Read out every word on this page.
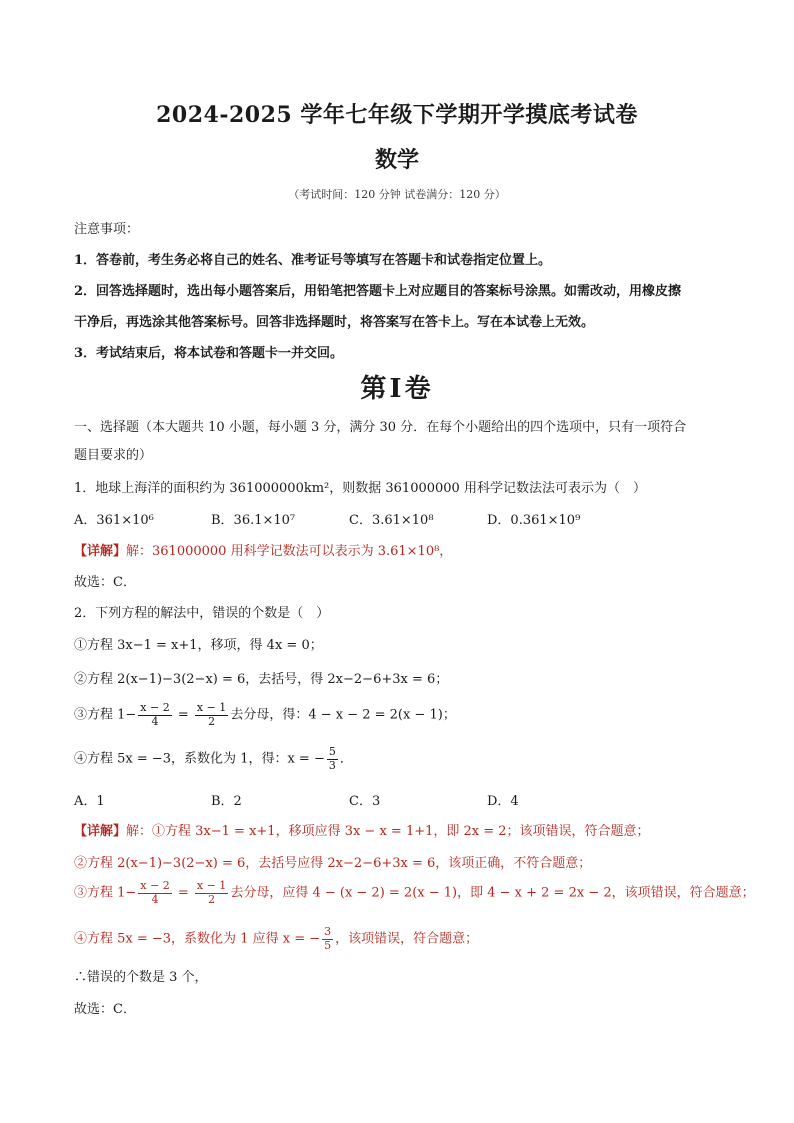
2024-2025 学年七年级下学期开学摸底考试卷
数学
（考试时间：120 分钟 试卷满分：120 分）
注意事项：
1．答卷前，考生务必将自己的姓名、准考证号等填写在答题卡和试卷指定位置上。
2．回答选择题时，选出每小题答案后，用铅笔把答题卡上对应题目的答案标号涂黑。如需改动，用橡皮擦
干净后，再选涂其他答案标号。回答非选择题时，将答案写在答卡上。写在本试卷上无效。
3．考试结束后，将本试卷和答题卡一并交回。
第Ⅰ卷
一、选择题（本大题共 10 小题，每小题 3 分，满分 30 分．在每个小题给出的四个选项中，只有一项符合
题目要求的）
1．地球上海洋的面积约为 361000000km²，则数据 361000000 用科学记数法法可表示为（　）
A．361×10⁶	B．36.1×10⁷	C．3.61×10⁸	D．0.361×10⁹
【详解】解：361000000 用科学记数法可以表示为 3.61×10⁸，
故选：C．
2．下列方程的解法中，错误的个数是（　）
①方程 3x−1 = x+1，移项，得 4x = 0；
②方程 2(x−1)−3(2−x) = 6，去括号，得 2x−2−6+3x = 6；
③方程 $1- \frac{x - 2}{4} = \frac{x - 1}{2}$ 去分母，得：4 − x − 2 = 2(x − 1)；
④方程 5x = −3，系数化为 1，得：x = − $\frac{5}{3}$ ．
A．1	B．2	C．3	D．4
【详解】解：①方程 3x−1 = x+1，移项应得 3x − x = 1+1，即 2x = 2；该项错误，符合题意；
②方程 2(x−1)−3(2−x) = 6，去括号应得 2x−2−6+3x = 6，该项正确，不符合题意；
③方程 $1- \frac{x - 2}{4} = \frac{x - 1}{2}$ 去分母，应得 4 − (x − 2) = 2(x − 1)，即 4 − x + 2 = 2x − 2，该项错误，符合题意；
④方程 5x = −3，系数化为 1 应得 x = − $\frac{3}{5}$ ，该项错误，符合题意；
∴错误的个数是 3 个，
故选：C．
